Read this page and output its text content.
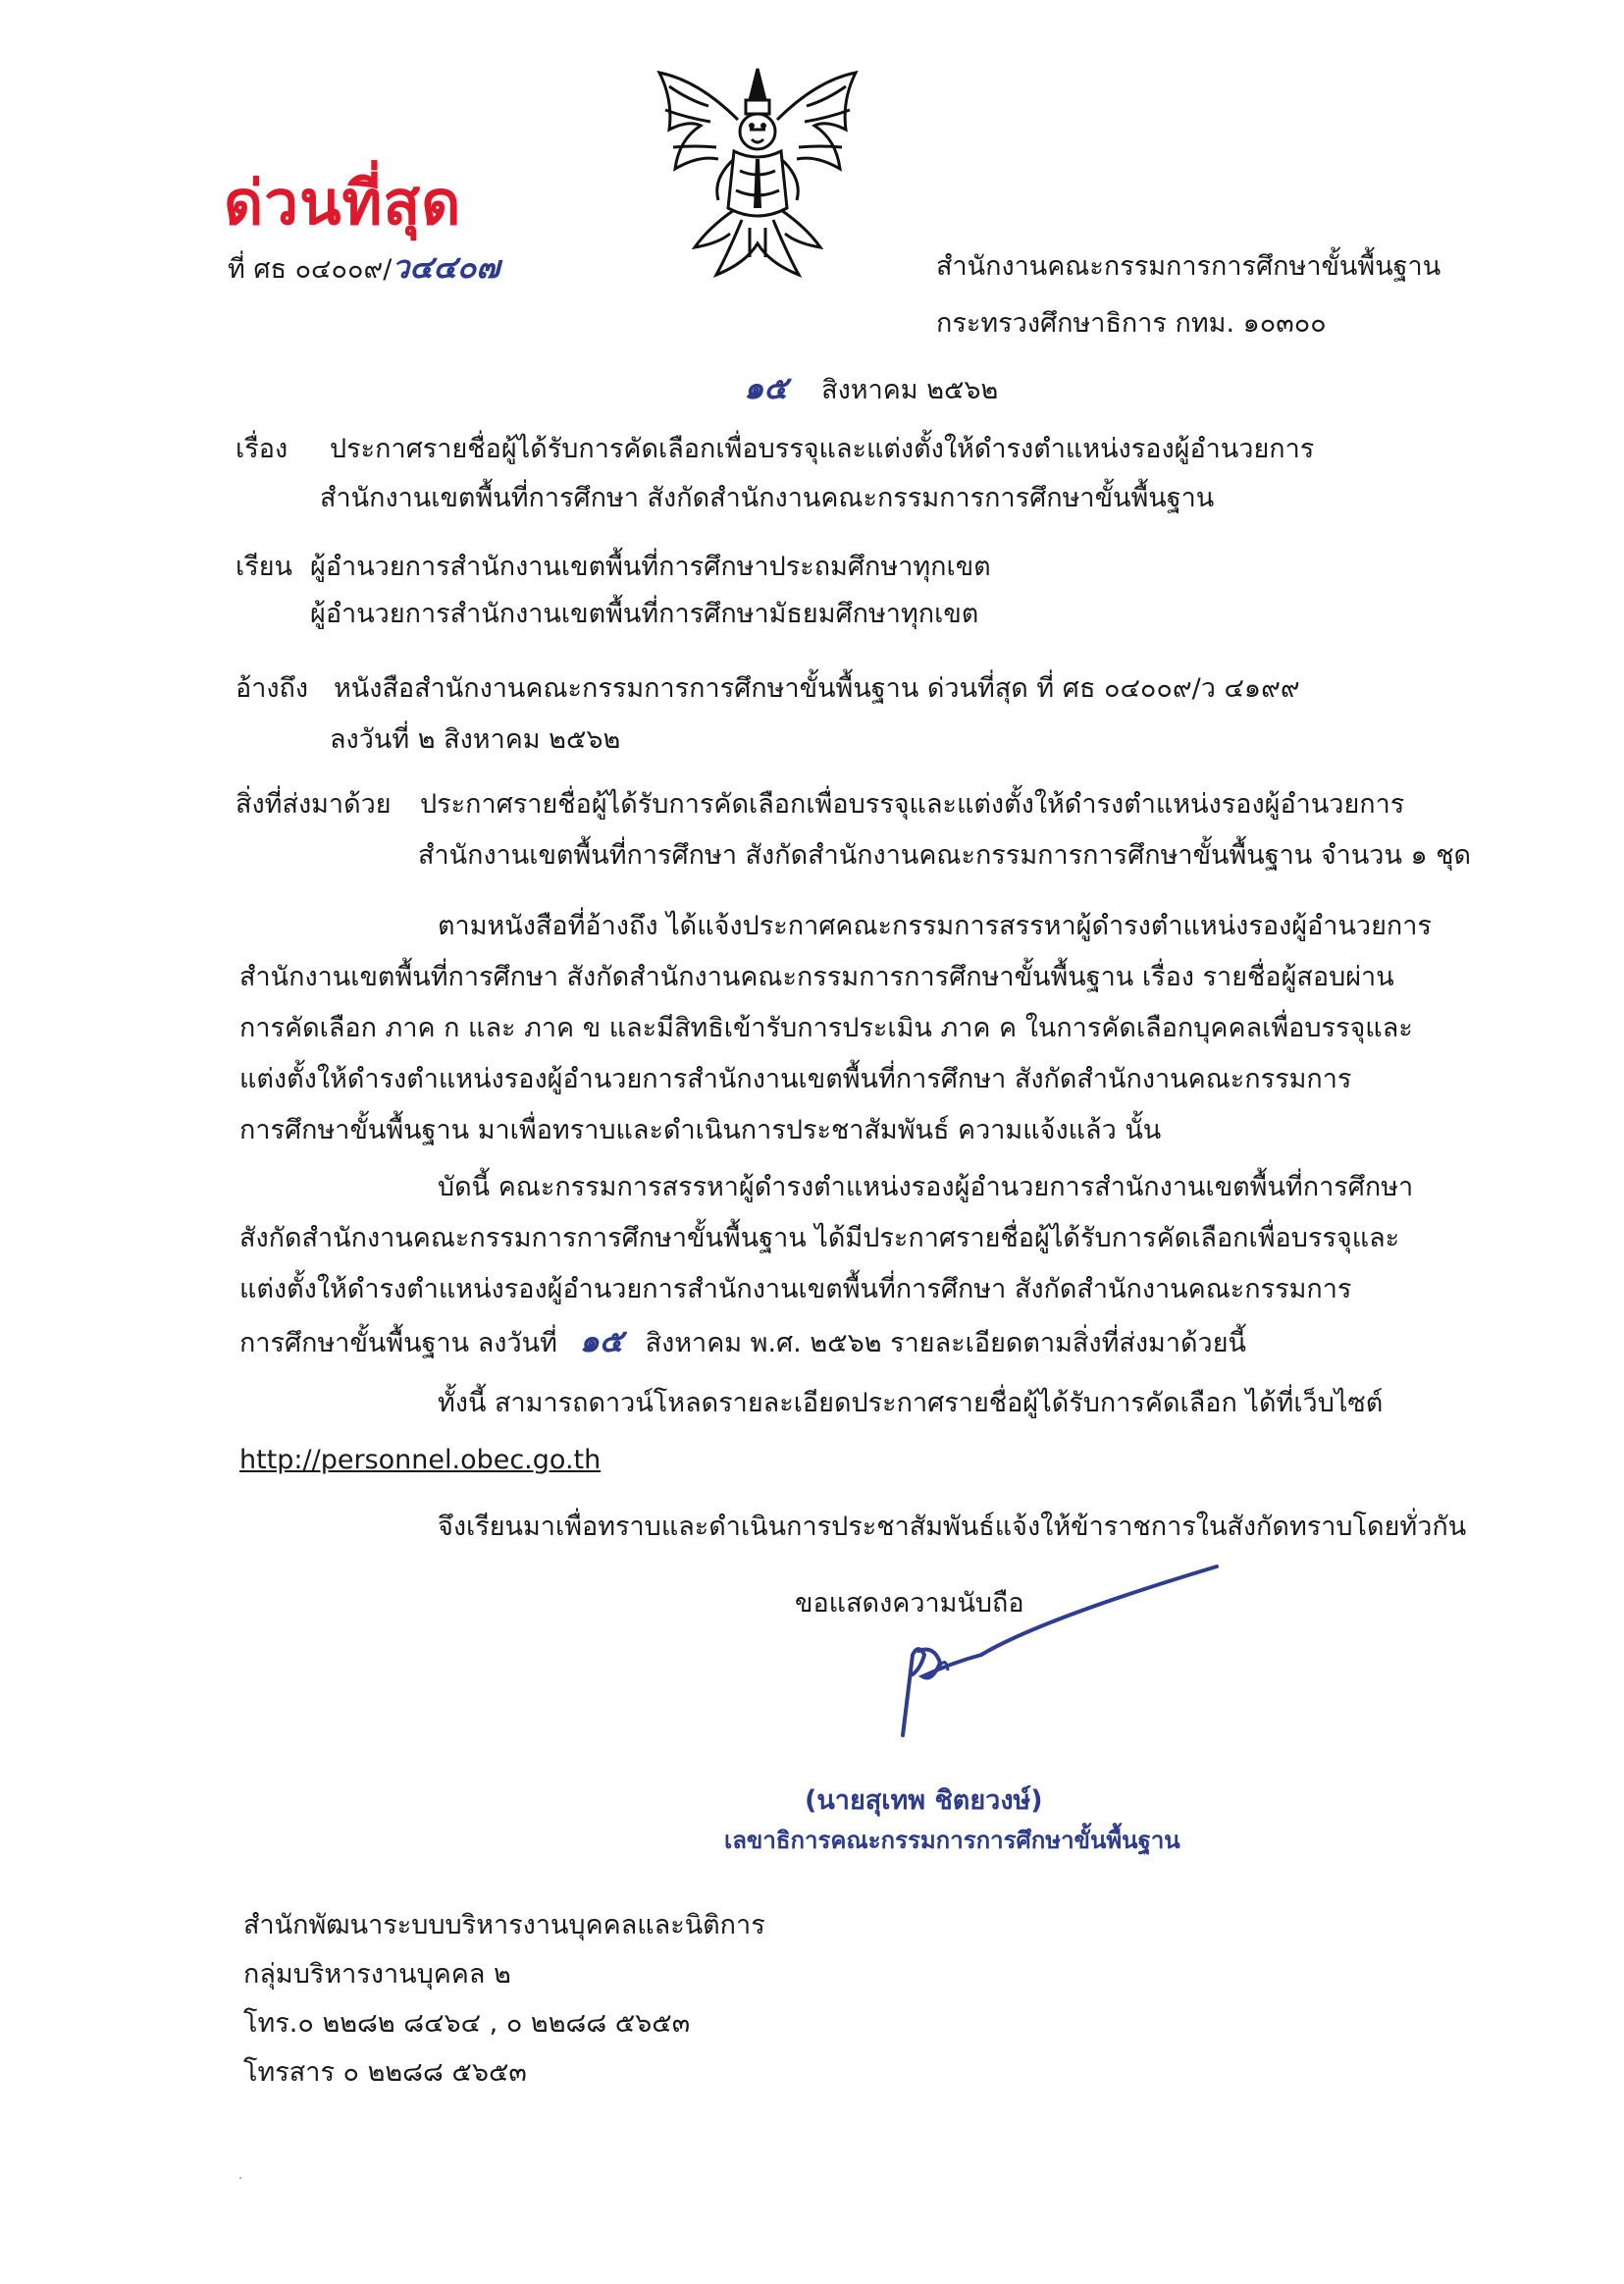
ด่วนที่สุด
ที่ ศธ ๐๔๐๐๙/ว๔๔๐๗	สำนักงานคณะกรรมการการศึกษาขั้นพื้นฐาน
กระทรวงศึกษาธิการ กทม. ๑๐๓๐๐
๑๕ สิงหาคม ๒๕๖๒
เรื่อง ประกาศรายชื่อผู้ได้รับการคัดเลือกเพื่อบรรจุและแต่งตั้งให้ดำรงตำแหน่งรองผู้อำนวยการ
สำนักงานเขตพื้นที่การศึกษา สังกัดสำนักงานคณะกรรมการการศึกษาขั้นพื้นฐาน
เรียน ผู้อำนวยการสำนักงานเขตพื้นที่การศึกษาประถมศึกษาทุกเขต
ผู้อำนวยการสำนักงานเขตพื้นที่การศึกษามัธยมศึกษาทุกเขต
อ้างถึง หนังสือสำนักงานคณะกรรมการการศึกษาขั้นพื้นฐาน ด่วนที่สุด ที่ ศธ ๐๔๐๐๙/ว ๔๑๙๙
ลงวันที่ ๒ สิงหาคม ๒๕๖๒
สิ่งที่ส่งมาด้วย ประกาศรายชื่อผู้ได้รับการคัดเลือกเพื่อบรรจุและแต่งตั้งให้ดำรงตำแหน่งรองผู้อำนวยการ
สำนักงานเขตพื้นที่การศึกษา สังกัดสำนักงานคณะกรรมการการศึกษาขั้นพื้นฐาน จำนวน ๑ ชุด
ตามหนังสือที่อ้างถึง ได้แจ้งประกาศคณะกรรมการสรรหาผู้ดำรงตำแหน่งรองผู้อำนวยการ
สำนักงานเขตพื้นที่การศึกษา สังกัดสำนักงานคณะกรรมการการศึกษาขั้นพื้นฐาน เรื่อง รายชื่อผู้สอบผ่าน
การคัดเลือก ภาค ก และ ภาค ข และมีสิทธิเข้ารับการประเมิน ภาค ค ในการคัดเลือกบุคคลเพื่อบรรจุและ
แต่งตั้งให้ดำรงตำแหน่งรองผู้อำนวยการสำนักงานเขตพื้นที่การศึกษา สังกัดสำนักงานคณะกรรมการ
การศึกษาขั้นพื้นฐาน มาเพื่อทราบและดำเนินการประชาสัมพันธ์ ความแจ้งแล้ว นั้น
บัดนี้ คณะกรรมการสรรหาผู้ดำรงตำแหน่งรองผู้อำนวยการสำนักงานเขตพื้นที่การศึกษา
สังกัดสำนักงานคณะกรรมการการศึกษาขั้นพื้นฐาน ได้มีประกาศรายชื่อผู้ได้รับการคัดเลือกเพื่อบรรจุและ
แต่งตั้งให้ดำรงตำแหน่งรองผู้อำนวยการสำนักงานเขตพื้นที่การศึกษา สังกัดสำนักงานคณะกรรมการ
การศึกษาขั้นพื้นฐาน ลงวันที่ ๑๕ สิงหาคม พ.ศ. ๒๕๖๒ รายละเอียดตามสิ่งที่ส่งมาด้วยนี้
ทั้งนี้ สามารถดาวน์โหลดรายละเอียดประกาศรายชื่อผู้ได้รับการคัดเลือก ได้ที่เว็บไซต์
http://personnel.obec.go.th
จึงเรียนมาเพื่อทราบและดำเนินการประชาสัมพันธ์แจ้งให้ข้าราชการในสังกัดทราบโดยทั่วกัน
ขอแสดงความนับถือ
(นายสุเทพ ชิตยวงษ์)
เลขาธิการคณะกรรมการการศึกษาขั้นพื้นฐาน
สำนักพัฒนาระบบบริหารงานบุคคลและนิติการ
กลุ่มบริหารงานบุคคล ๒
โทร.๐ ๒๒๘๒ ๘๔๖๔ , ๐ ๒๒๘๘ ๕๖๕๓
โทรสาร ๐ ๒๒๘๘ ๕๖๕๓
